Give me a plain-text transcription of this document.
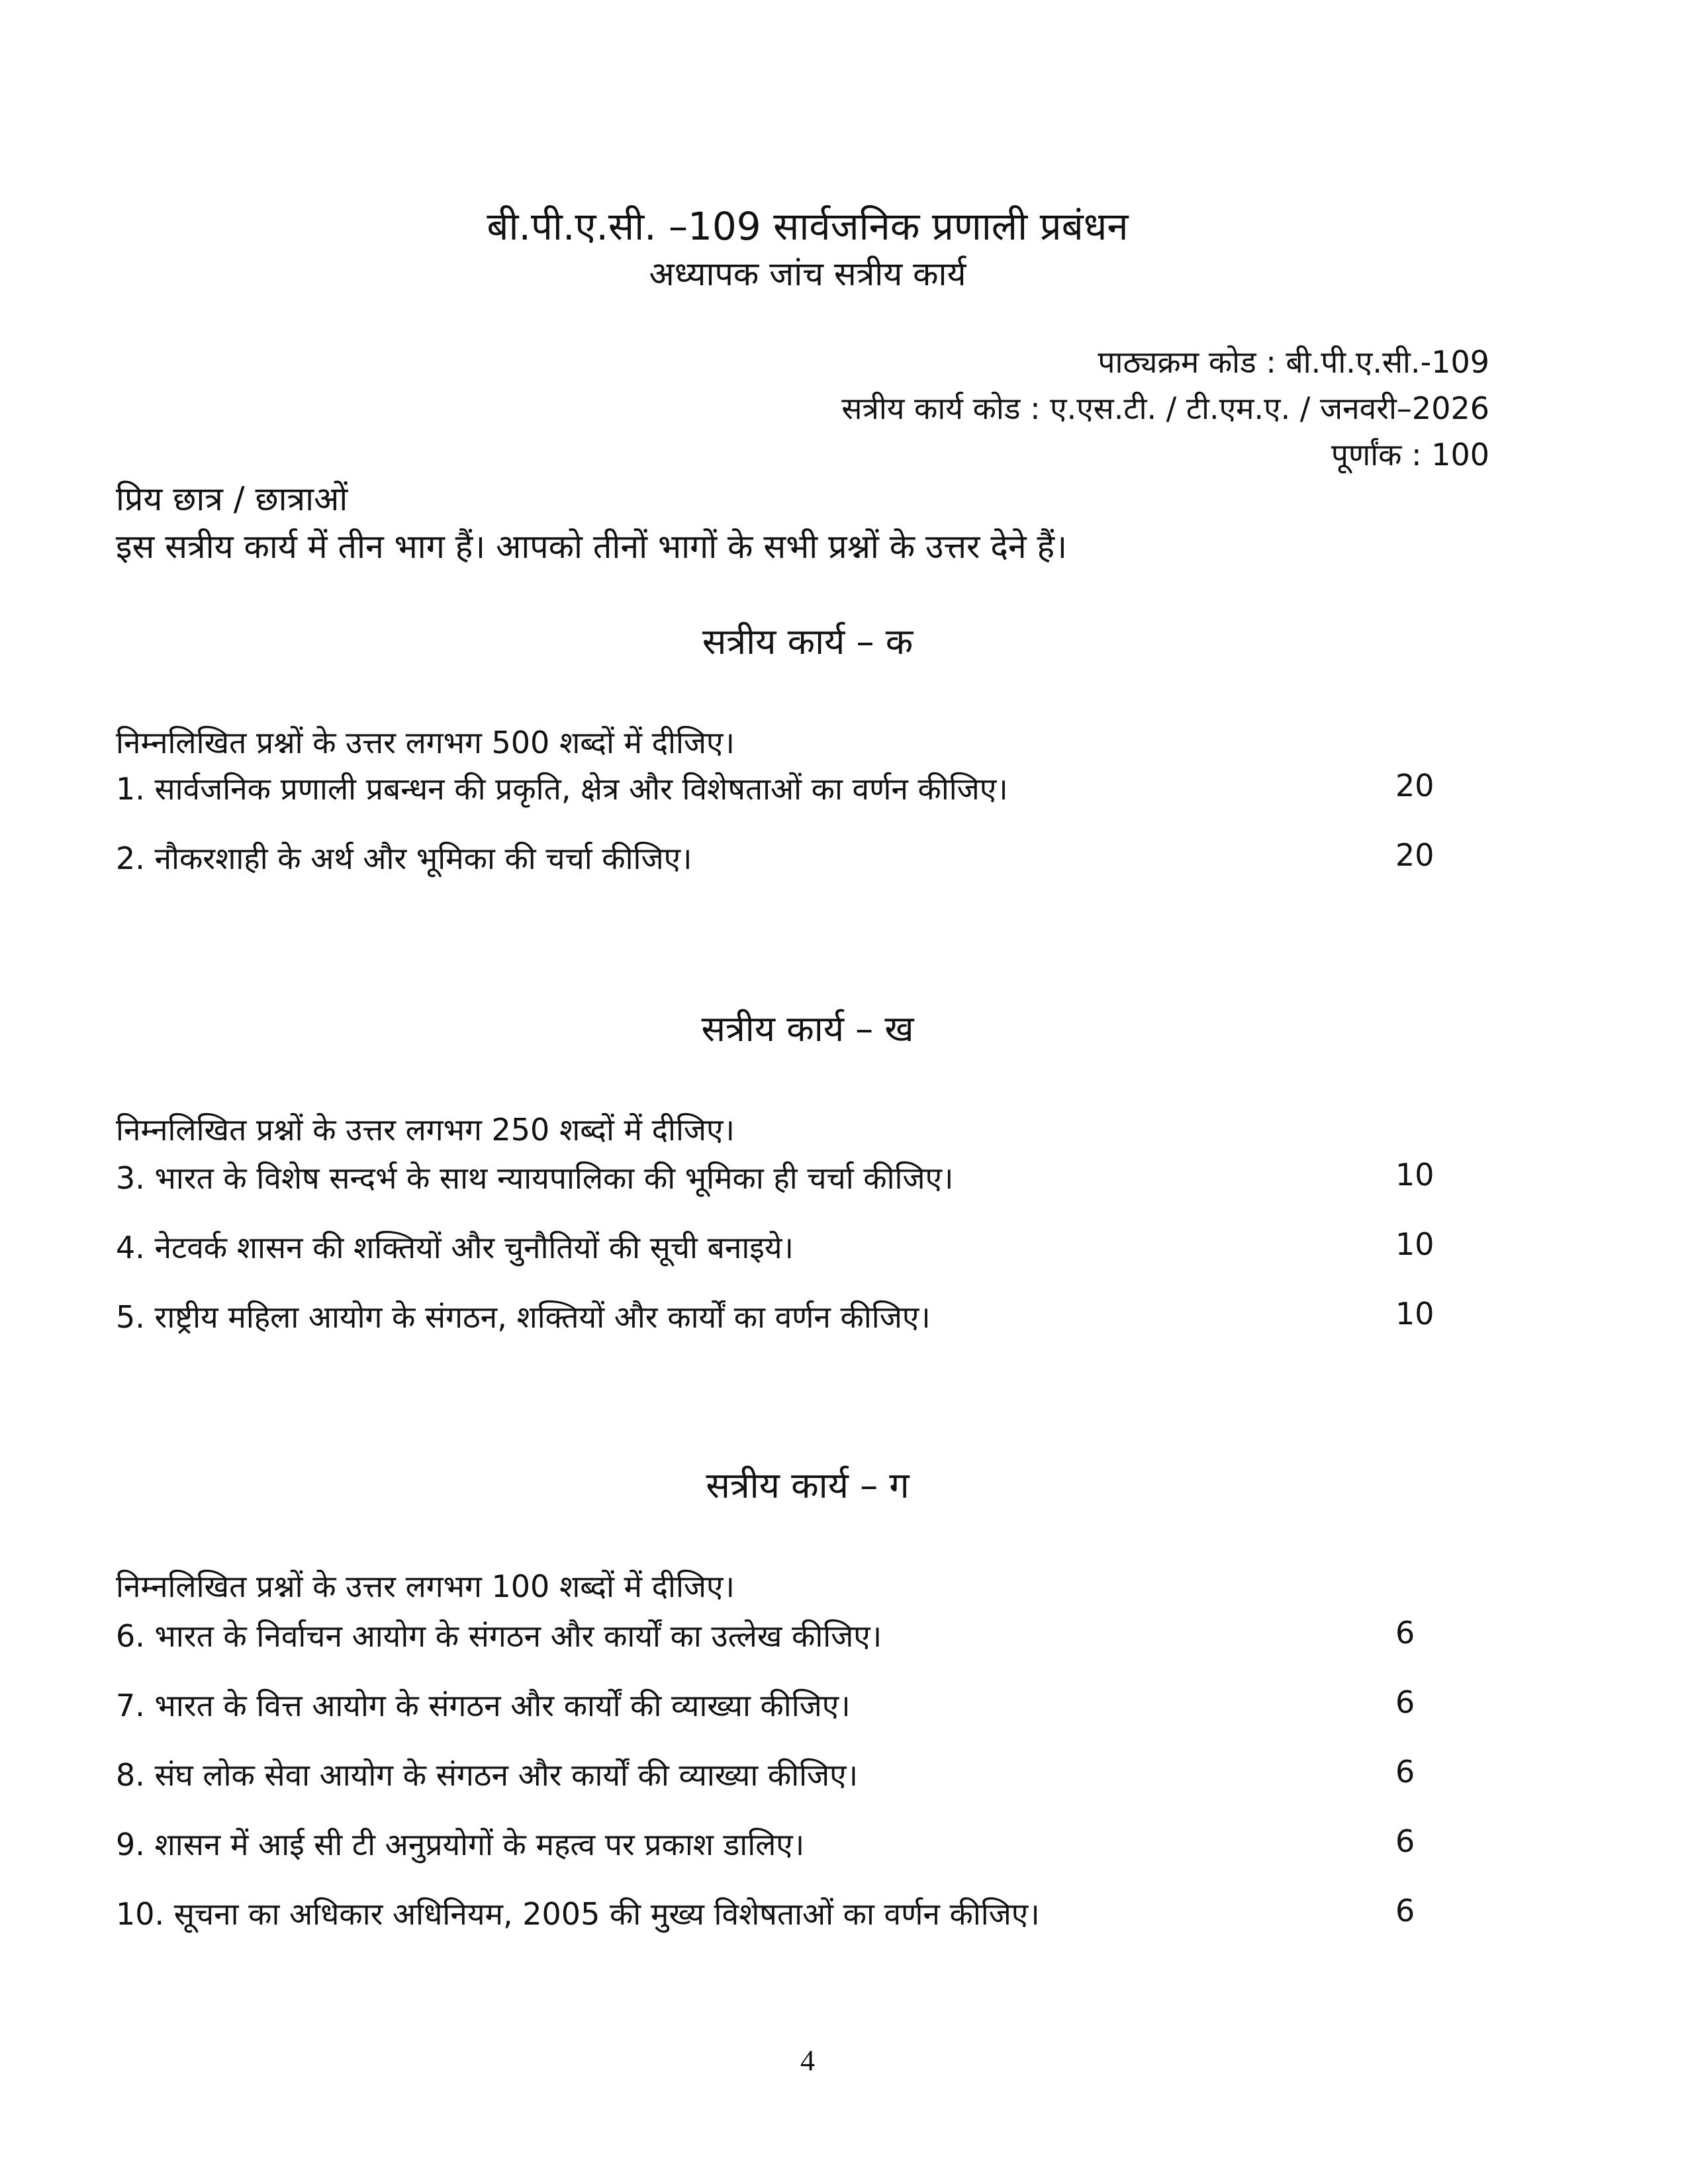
बी.पी.ए.सी. –109 सार्वजनिक प्रणाली प्रबंधन
अध्यापक जांच सत्रीय कार्य
पाठ्यक्रम कोड : बी.पी.ए.सी.-109
सत्रीय कार्य कोड : ए.एस.टी. / टी.एम.ए. / जनवरी–2026
पूर्णांक : 100
प्रिय छात्र / छात्राओं
इस सत्रीय कार्य में तीन भाग हैं। आपको तीनों भागों के सभी प्रश्नों के उत्तर देने हैं।
सत्रीय कार्य – क
निम्नलिखित प्रश्नों के उत्तर लगभग 500 शब्दों में दीजिए।
1. सार्वजनिक प्रणाली प्रबन्धन की प्रकृति, क्षेत्र और विशेषताओं का वर्णन कीजिए।	20
2. नौकरशाही के अर्थ और भूमिका की चर्चा कीजिए।	20
सत्रीय कार्य – ख
निम्नलिखित प्रश्नों के उत्तर लगभग 250 शब्दों में दीजिए।
3. भारत के विशेष सन्दर्भ के साथ न्यायपालिका की भूमिका ही चर्चा कीजिए।	10
4. नेटवर्क शासन की शक्तियों और चुनौतियों की सूची बनाइये।	10
5. राष्ट्रीय महिला आयोग के संगठन, शक्तियों और कार्यों का वर्णन कीजिए।	10
सत्रीय कार्य – ग
निम्नलिखित प्रश्नों के उत्तर लगभग 100 शब्दों में दीजिए।
6. भारत के निर्वाचन आयोग के संगठन और कार्यों का उत्लेख कीजिए।	6
7. भारत के वित्त आयोग के संगठन और कार्यों की व्याख्या कीजिए।	6
8. संघ लोक सेवा आयोग के संगठन और कार्यों की व्याख्या कीजिए।	6
9. शासन में आई सी टी अनुप्रयोगों के महत्व पर प्रकाश डालिए।	6
10. सूचना का अधिकार अधिनियम, 2005 की मुख्य विशेषताओं का वर्णन कीजिए।	6
4
